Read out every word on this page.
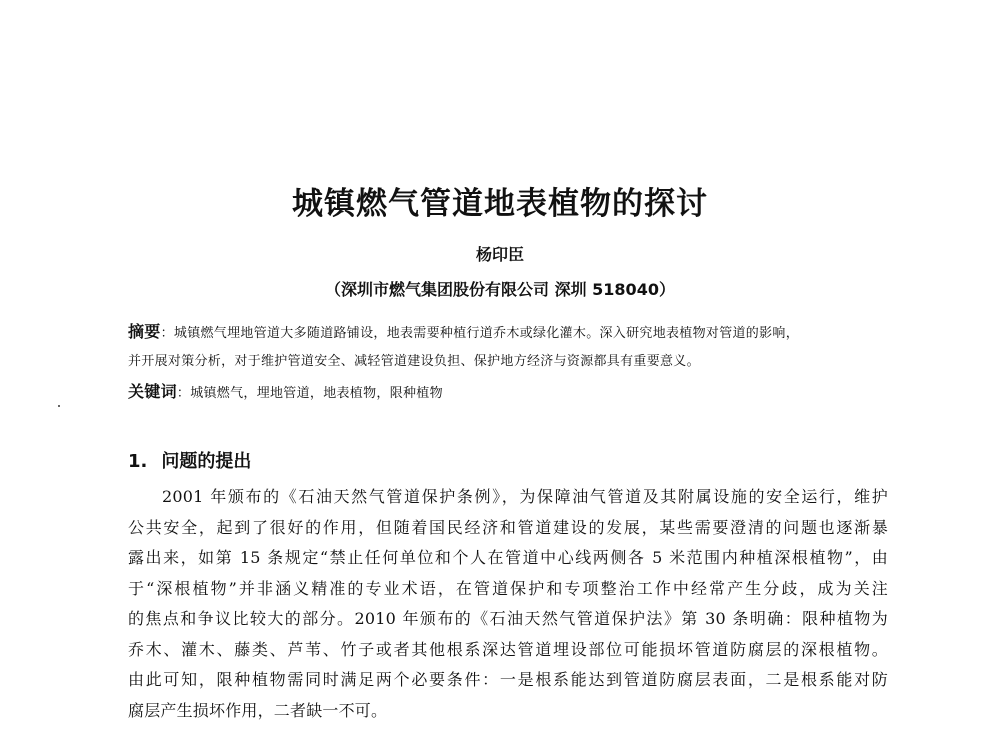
城镇燃气管道地表植物的探讨
杨印臣
（深圳市燃气集团股份有限公司 深圳 518040）
摘要：城镇燃气埋地管道大多随道路铺设，地表需要种植行道乔木或绿化灌木。深入研究地表植物对管道的影响，
并开展对策分析，对于维护管道安全、减轻管道建设负担、保护地方经济与资源都具有重要意义。
关键词：城镇燃气，埋地管道，地表植物，限种植物
1. 问题的提出
2001 年颁布的《石油天然气管道保护条例》，为保障油气管道及其附属设施的安全运行，维护
公共安全，起到了很好的作用，但随着国民经济和管道建设的发展，某些需要澄清的问题也逐渐暴
露出来，如第 15 条规定“禁止任何单位和个人在管道中心线两侧各 5 米范围内种植深根植物”，由
于“深根植物”并非涵义精准的专业术语，在管道保护和专项整治工作中经常产生分歧，成为关注
的焦点和争议比较大的部分。2010 年颁布的《石油天然气管道保护法》第 30 条明确：限种植物为
乔木、灌木、藤类、芦苇、竹子或者其他根系深达管道埋设部位可能损坏管道防腐层的深根植物。
由此可知，限种植物需同时满足两个必要条件：一是根系能达到管道防腐层表面，二是根系能对防
腐层产生损坏作用，二者缺一不可。
